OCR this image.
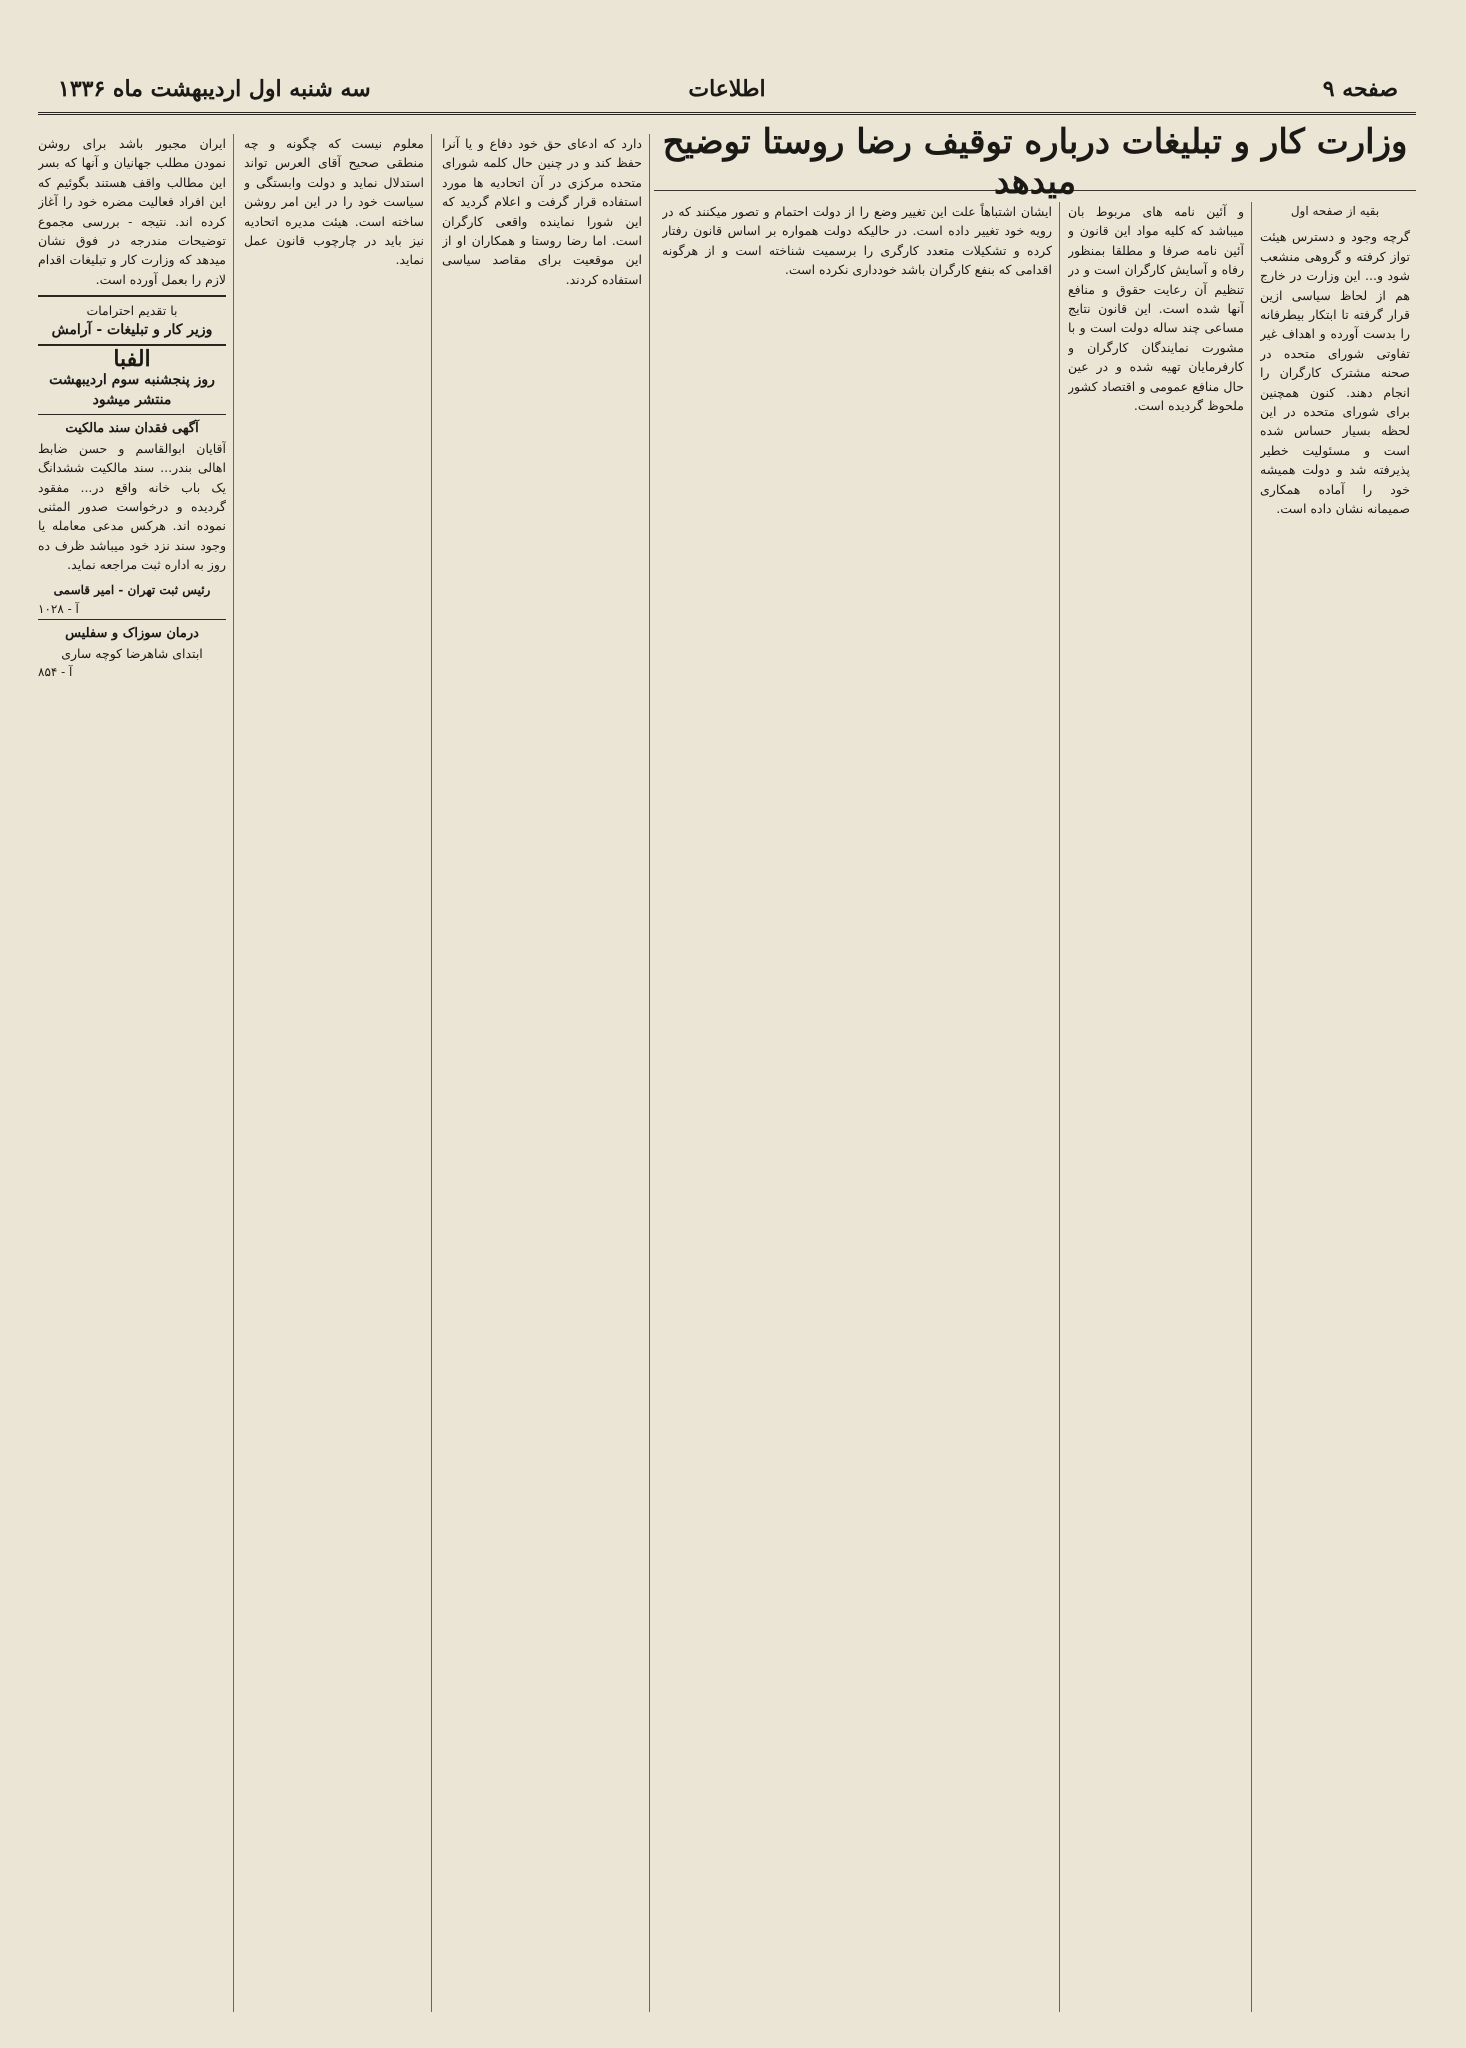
صفحه ۹
اطلاعات
سه شنبه اول اردیبهشت ماه ۱۳۳۶
وزارت کار و تبلیغات درباره توقیف رضا روستا توضیح میدهد
بقیه از صفحه اول

گرچه وجود و دسترس هیئت تواز کرفته و گروهی منشعب شود و... این وزارت در خارج هم از لحاظ سیاسی ازین قرار گرفته تا ابتکار بیطرفانه را بدست آورده و اهداف غیر تفاوتی شورای متحده در صحنه مشترک کارگران را انجام دهند. کنون همچنین برای شورای متحده در این لحظه بسیار حساس شده است و مسئولیت خطیر پذیرفته شد و دولت همیشه خود را آماده همکاری صمیمانه نشان داده است.

و آئین نامه های مربوط بان میباشد که کلیه مواد این قانون و آئین نامه صرفا و مطلقا بمنظور رفاه و آسایش کارگران است و در تنظیم آن رعایت حقوق و منافع آنها شده است. این قانون نتایج مساعی چند ساله دولت است و با مشورت نمایندگان کارگران و کارفرمایان تهیه شده و در عین حال منافع عمومی و اقتصاد کشور ملحوظ گردیده است.

ایشان اشتباهاً علت این تغییر وضع را از دولت احتمام و تصور میکنند که در رویه خود تغییر داده است. در حالیکه دولت همواره بر اساس قانون رفتار کرده و تشکیلات متعدد کارگری را برسمیت شناخته است و از هرگونه اقدامی که بنفع کارگران باشد خودداری نکرده است.

دارد که ادعای حق خود دفاع و یا آنرا حفظ کند و در چنین حال کلمه شورای متحده مرکزی در آن اتحادیه ها مورد استفاده قرار گرفت و اعلام گردید که این شورا نماینده واقعی کارگران است. اما رضا روستا و همکاران او از این موقعیت برای مقاصد سیاسی استفاده کردند.

معلوم نیست که چگونه و چه منطقی صحیح آقای العرس تواند استدلال نماید و دولت وابستگی و سیاست خود را در این امر روشن ساخته است. هیئت مدیره اتحادیه نیز باید در چارچوب قانون عمل نماید.

ایران مجبور باشد برای روشن نمودن مطلب جهانیان و آنها که بسر این مطالب واقف هستند بگوئیم که این افراد فعالیت مضره خود را آغاز کرده اند. نتیجه - بررسی مجموع توضیحات مندرجه در فوق نشان میدهد که وزارت کار و تبلیغات اقدام لازم را بعمل آورده است.

با تقدیم احترامات
وزیر کار و تبلیغات - آرامش
الفبا
روز پنجشنبه سوم اردیبهشت منتشر میشود
آگهی فقدان سند مالکیت

آقایان ابوالقاسم و حسن ضابط اهالی بندر... سند مالکیت ششدانگ یک باب خانه واقع در... مفقود گردیده و درخواست صدور المثنی نموده اند. هرکس مدعی معامله یا وجود سند نزد خود میباشد ظرف ده روز به اداره ثبت مراجعه نماید.

رئیس ثبت تهران - امیر قاسمی
۱۰۲۸ - آ
درمان سوزاک و سفلیس
ابتدای شاهرضا کوچه ساری
۸۵۴ - آ
